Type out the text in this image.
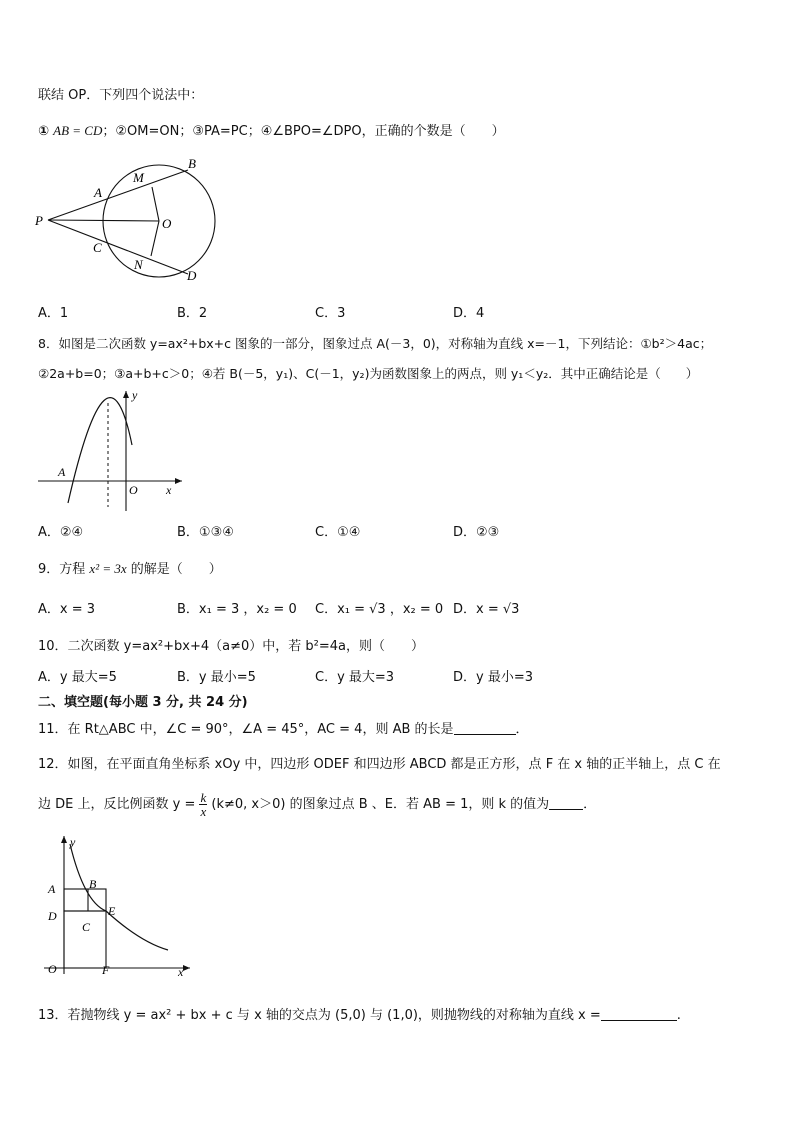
联结 OP．下列四个说法中：
① AB = CD；②OM=ON；③PA=PC；④∠BPO=∠DPO，正确的个数是（　　）
P
A
M
B
O
C
N
D
A．1	B．2	C．3	D．4
8．如图是二次函数 y=ax²+bx+c 图象的一部分，图象过点 A(－3，0)，对称轴为直线 x=－1，下列结论：①b²＞4ac；
②2a+b=0；③a+b+c＞0；④若 B(－5，y₁)、C(－1，y₂)为函数图象上的两点，则 y₁＜y₂．其中正确结论是（　　）
y
A
O x
A．②④	B．①③④	C．①④	D．②③
9．方程 x² = 3x 的解是（　　）
A．x = 3	B．x₁ = 3 ，x₂ = 0 C．x₁ = √3 ，x₂ = 0 D．x = √3
10．二次函数 y=ax²+bx+4（a≠0）中，若 b²=4a，则（　　）
A．y 最大=5	B．y 最小=5	C．y 最大=3	D．y 最小=3
二、填空题(每小题 3 分, 共 24 分)
11．在 Rt△ABC 中，∠C = 90°，∠A = 45°，AC = 4，则 AB 的长是	．
12．如图，在平面直角坐标系 xOy 中，四边形 ODEF 和四边形 ABCD 都是正方形，点 F 在 x 轴的正半轴上，点 C 在
边 DE 上，反比例函数 $y = \frac{k}{x} (k\ne 0$, x＞0) 的图象过点 B 、E．若 AB = 1，则 k 的值为	．
y
A	B
D	E
C
O	F	x
13．若抛物线 y = ax² + bx + c 与 x 轴的交点为 (5,0) 与 (1,0)，则抛物线的对称轴为直线 x =	.
